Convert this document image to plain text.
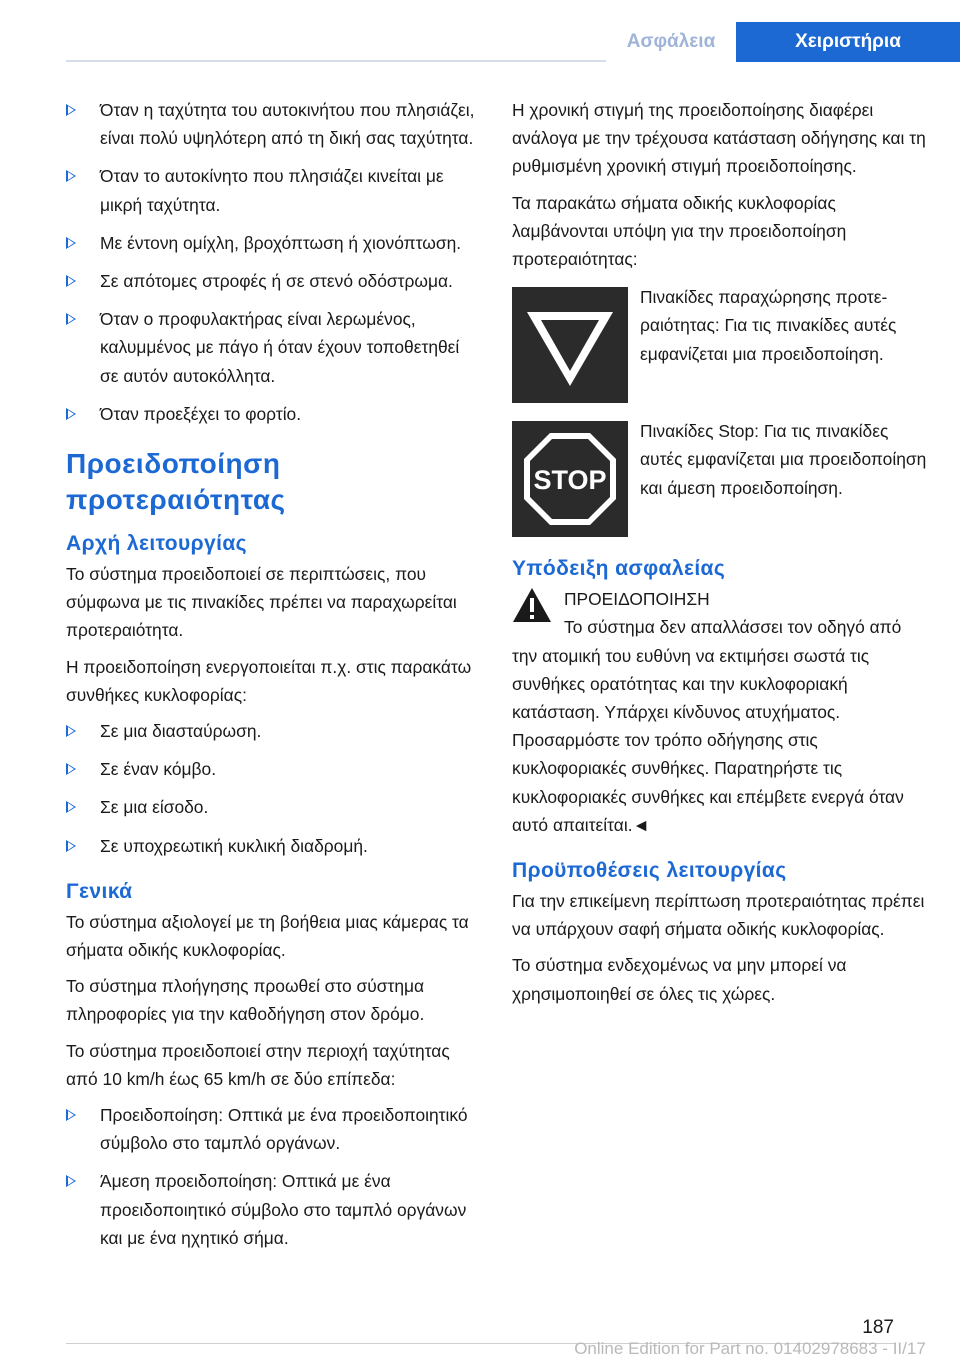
Ασφάλεια	Χειριστήρια
Όταν η ταχύτητα του αυτοκινήτου που πλησιάζει, είναι πολύ υψηλότερη από τη δική σας ταχύτητα.
Όταν το αυτοκίνητο που πλησιάζει κινείται με μικρή ταχύτητα.
Με έντονη ομίχλη, βροχόπτωση ή χιονόπτωση.
Σε απότομες στροφές ή σε στενό οδόστρωμα.
Όταν ο προφυλακτήρας είναι λερωμένος, καλυμμένος με πάγο ή όταν έχουν τοποθετηθεί σε αυτόν αυτοκόλλητα.
Όταν προεξέχει το φορτίο.
Προειδοποίηση προτεραιότητας
Αρχή λειτουργίας

Το σύστημα προειδοποιεί σε περιπτώσεις, που σύμφωνα με τις πινακίδες πρέπει να παραχωρείται προτεραιότητα.

Η προειδοποίηση ενεργοποιείται π.χ. στις παρακάτω συνθήκες κυκλοφορίας:

Σε μια διασταύρωση.
Σε έναν κόμβο.
Σε μια είσοδο.
Σε υποχρεωτική κυκλική διαδρομή.
Γενικά

Το σύστημα αξιολογεί με τη βοήθεια μιας κάμερας τα σήματα οδικής κυκλοφορίας.

Το σύστημα πλοήγησης προωθεί στο σύστημα πληροφορίες για την καθοδήγηση στον δρόμο.

Το σύστημα προειδοποιεί στην περιοχή ταχύτητας από 10 km/h έως 65 km/h σε δύο επίπεδα:

Προειδοποίηση: Οπτικά με ένα προειδοποιητικό σύμβολο στο ταμπλό οργάνων.
Άμεση προειδοποίηση: Οπτικά με ένα προειδοποιητικό σύμβολο στο ταμπλό οργάνων και με ένα ηχητικό σήμα.

Η χρονική στιγμή της προειδοποίησης διαφέρει ανάλογα με την τρέχουσα κατάσταση οδήγησης και τη ρυθμισμένη χρονική στιγμή προειδοποίησης.

Τα παρακάτω σήματα οδικής κυκλοφορίας λαμβάνονται υπόψη για την προειδοποίηση προτεραιότητας:

Πινακίδες παραχώρησης προτεραιότητας: Για τις πινακίδες αυτές εμφανίζεται μια προειδοποίηση.
STOP
Πινακίδες Stop: Για τις πινακίδες αυτές εμφανίζεται μια προειδοποίηση και άμεση προειδοποίηση.
Υπόδειξη ασφαλείας
ΠΡΟΕΙΔΟΠΟΙΗΣΗ
Το σύστημα δεν απαλλάσσει τον οδηγό από την ατομική του ευθύνη να εκτιμήσει σωστά τις συνθήκες ορατότητας και την κυκλοφοριακή κατάσταση. Υπάρχει κίνδυνος ατυχήματος. Προσαρμόστε τον τρόπο οδήγησης στις κυκλοφοριακές συνθήκες. Παρατηρήστε τις κυκλοφοριακές συνθήκες και επέμβετε ενεργά όταν αυτό απαιτείται.◄
Προϋποθέσεις λειτουργίας

Για την επικείμενη περίπτωση προτεραιότητας πρέπει να υπάρχουν σαφή σήματα οδικής κυκλοφορίας.

Το σύστημα ενδεχομένως να μην μπορεί να χρησιμοποιηθεί σε όλες τις χώρες.

187
Online Edition for Part no. 01402978683 - II/17
